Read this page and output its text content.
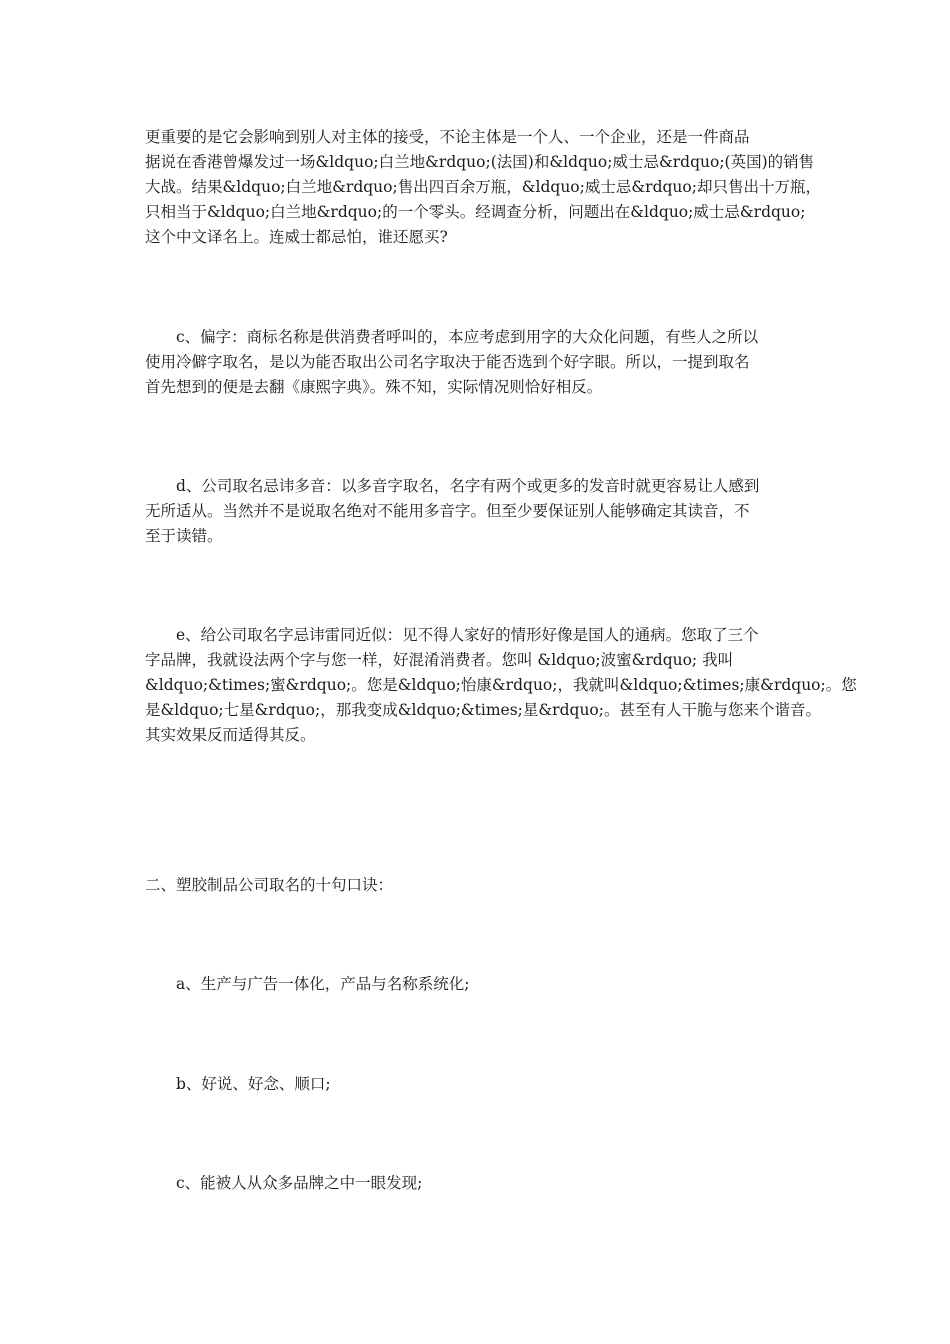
更重要的是它会影响到别人对主体的接受，不论主体是一个人、一个企业，还是一件商品
据说在香港曾爆发过一场&ldquo;白兰地&rdquo;(法国)和&ldquo;威士忌&rdquo;(英国)的销售
大战。结果&ldquo;白兰地&rdquo;售出四百余万瓶，&ldquo;威士忌&rdquo;却只售出十万瓶，
只相当于&ldquo;白兰地&rdquo;的一个零头。经调查分析，问题出在&ldquo;威士忌&rdquo;
这个中文译名上。连威士都忌怕，谁还愿买?
c、偏字：商标名称是供消费者呼叫的，本应考虑到用字的大众化问题，有些人之所以
使用冷僻字取名，是以为能否取出公司名字取决于能否选到个好字眼。所以，一提到取名
首先想到的便是去翻《康熙字典》。殊不知，实际情况则恰好相反。
d、公司取名忌讳多音：以多音字取名，名字有两个或更多的发音时就更容易让人感到
无所适从。当然并不是说取名绝对不能用多音字。但至少要保证别人能够确定其读音，不
至于读错。
e、给公司取名字忌讳雷同近似：见不得人家好的情形好像是国人的通病。您取了三个
字品牌，我就设法两个字与您一样，好混淆消费者。您叫 &ldquo;波蜜&rdquo; 我叫
&ldquo;&times;蜜&rdquo;。您是&ldquo;怡康&rdquo;，我就叫&ldquo;&times;康&rdquo;。您
是&ldquo;七星&rdquo;，那我变成&ldquo;&times;星&rdquo;。甚至有人干脆与您来个谐音。
其实效果反而适得其反。
二、塑胶制品公司取名的十句口诀：
a、生产与广告一体化，产品与名称系统化;
b、好说、好念、顺口;
c、能被人从众多品牌之中一眼发现;
